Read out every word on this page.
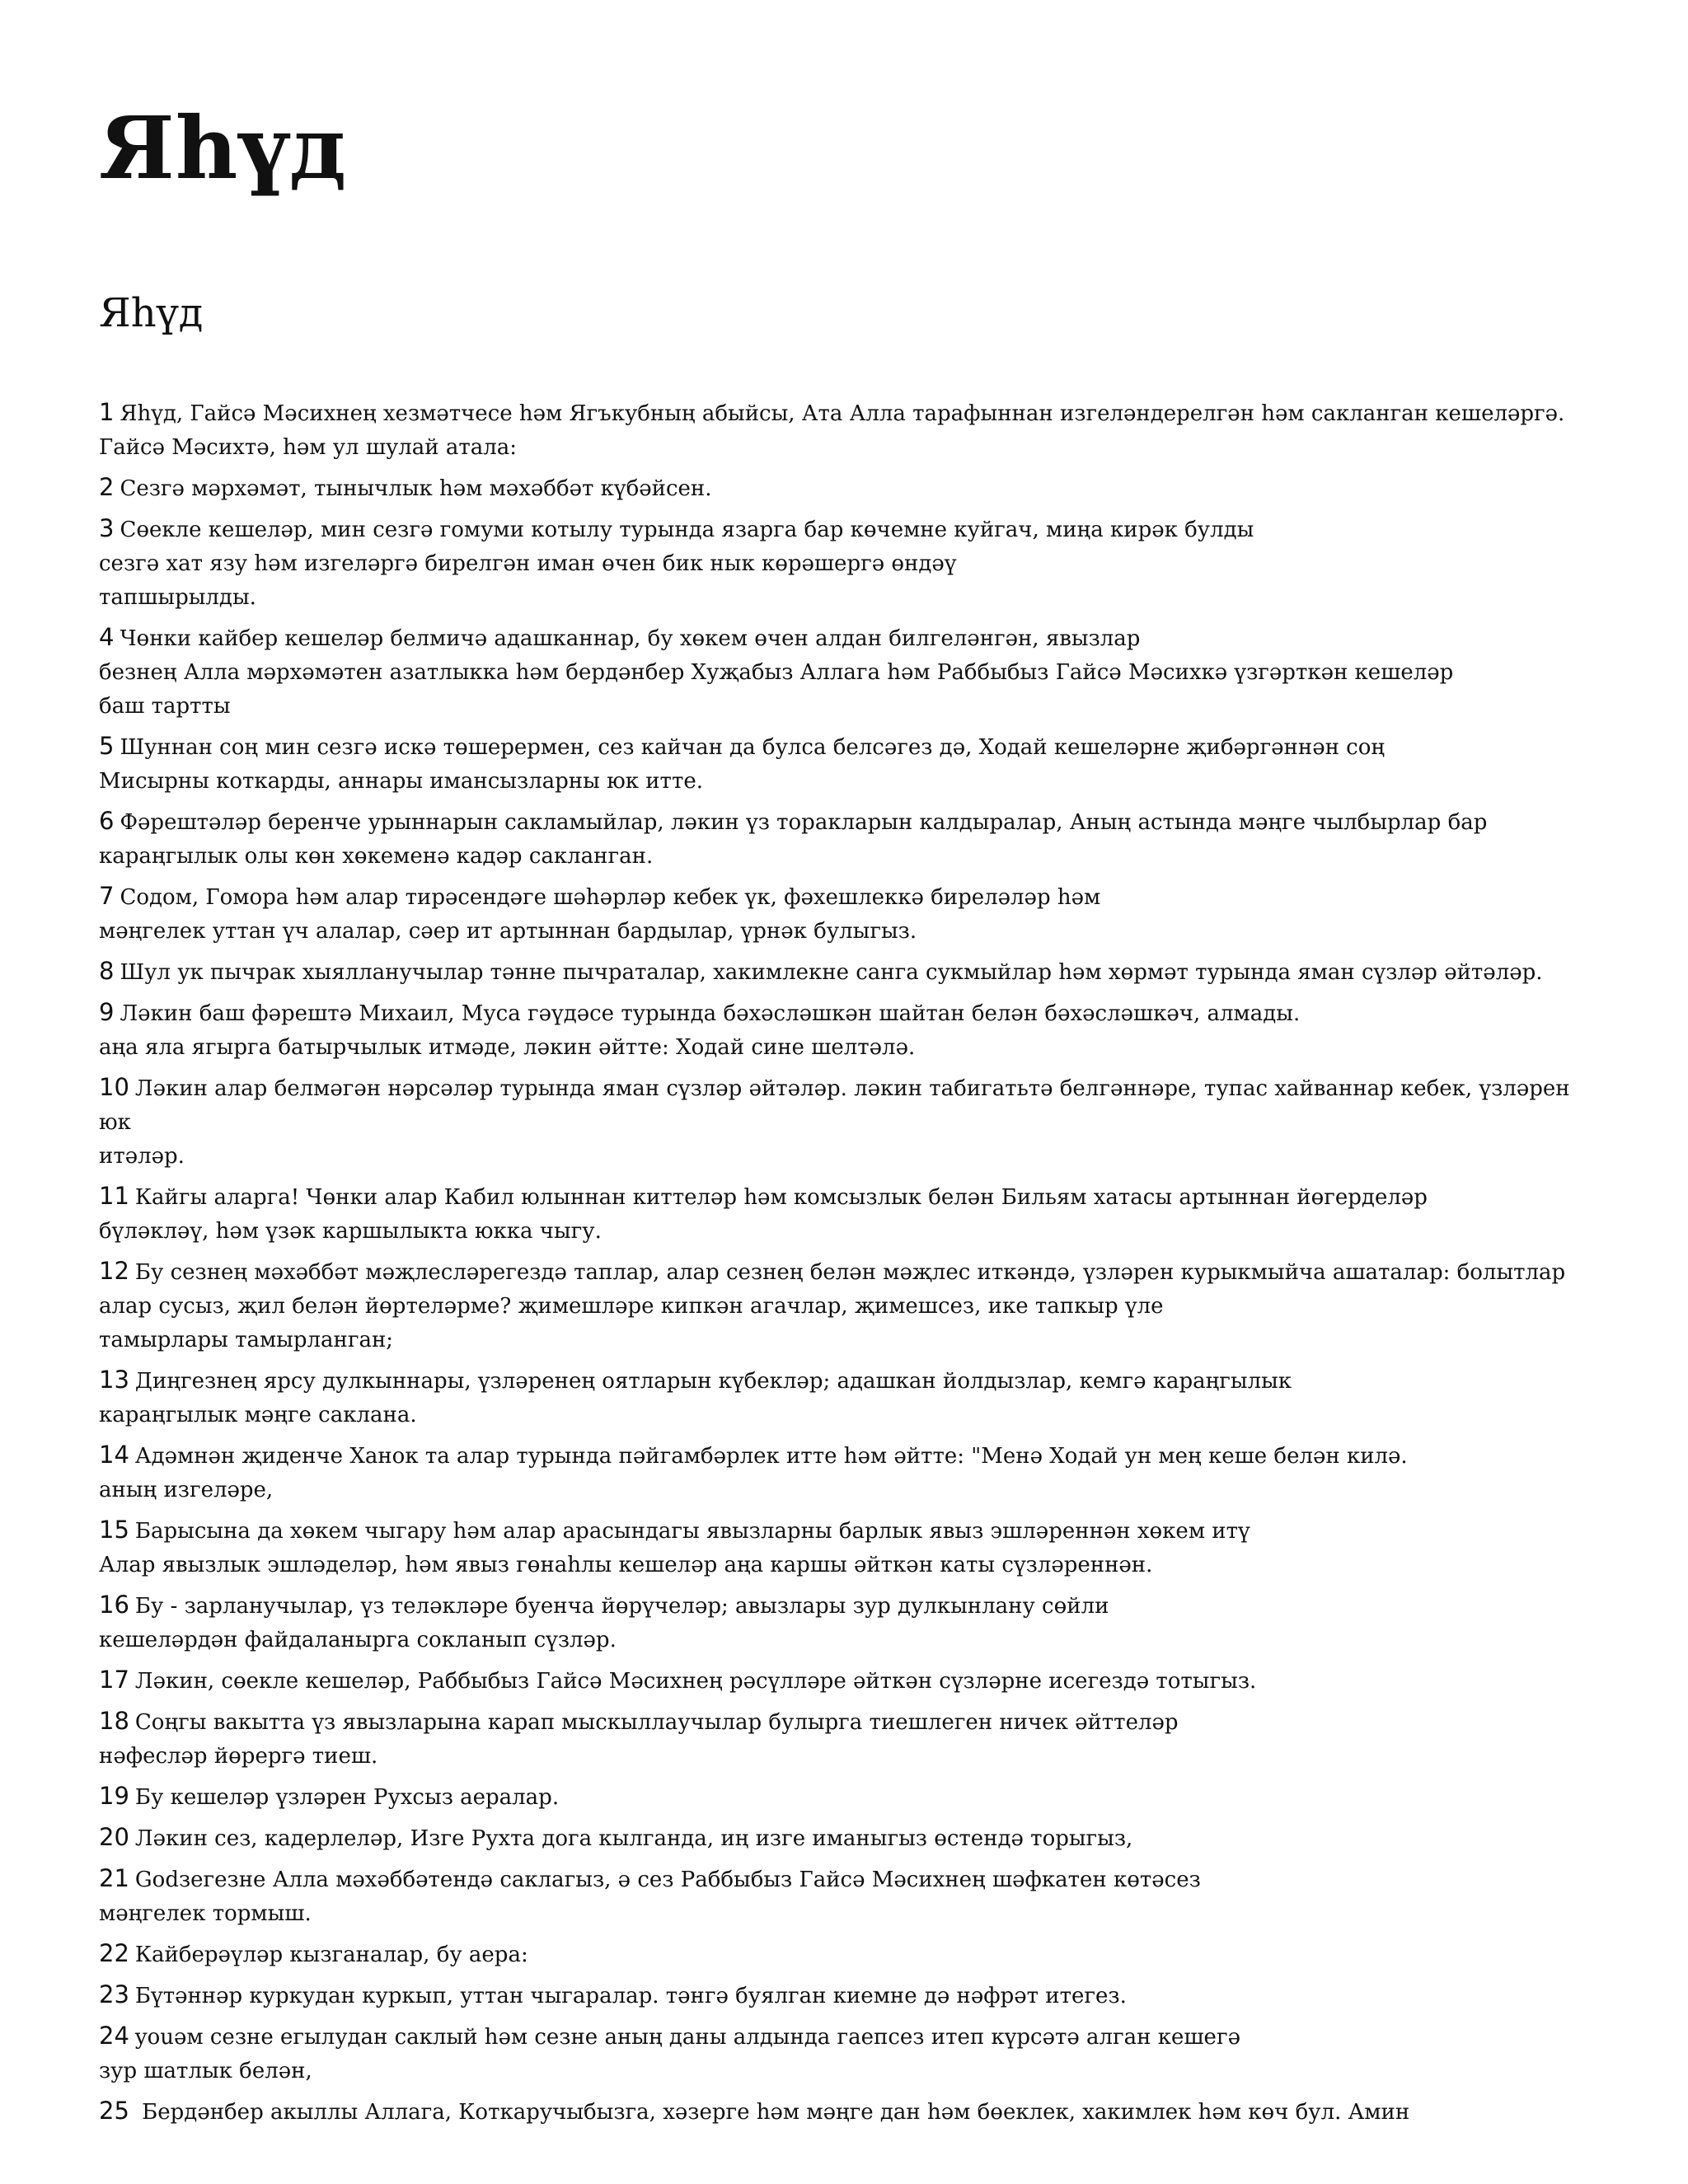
Яһүд
Яһүд

1 Яһүд, Гайсә Мәсихнең хезмәтчесе һәм Ягъкубның абыйсы, Ата Алла тарафыннан изгеләндерелгән һәм сакланган кешеләргә.
Гайсә Мәсихтә, һәм ул шулай атала:

2 Сезгә мәрхәмәт, тынычлык һәм мәхәббәт күбәйсен.

3 Сөекле кешеләр, мин сезгә гомуми котылу турында язарга бар көчемне куйгач, миңа кирәк булды
сезгә хат язу һәм изгеләргә бирелгән иман өчен бик нык көрәшергә өндәү
тапшырылды.

4 Чөнки кайбер кешеләр белмичә адашканнар, бу хөкем өчен алдан билгеләнгән, явызлар
безнең Алла мәрхәмәтен азатлыкка һәм бердәнбер Хуҗабыз Аллага һәм Раббыбыз Гайсә Мәсихкә үзгәрткән кешеләр
баш тартты

5 Шуннан соң мин сезгә искә төшерермен, сез кайчан да булса белсәгез дә, Ходай кешеләрне җибәргәннән соң
Мисырны коткарды, аннары имансызларны юк итте.

6 Фәрештәләр беренче урыннарын сакламыйлар, ләкин үз торакларын калдыралар, Аның астында мәңге чылбырлар бар
караңгылык олы көн хөкеменә кадәр сакланган.

7 Содом, Гомора һәм алар тирәсендәге шәһәрләр кебек үк, фәхешлеккә биреләләр һәм
мәңгелек уттан үч алалар, сәер ит артыннан бардылар, үрнәк булыгыз.

8 Шул ук пычрак хыялланучылар тәнне пычраталар, хакимлекне санга сукмыйлар һәм хөрмәт турында яман сүзләр әйтәләр.

9 Ләкин баш фәрештә Михаил, Муса гәүдәсе турында бәхәсләшкән шайтан белән бәхәсләшкәч, алмады.
аңа яла ягырга батырчылык итмәде, ләкин әйтте: Ходай сине шелтәлә.

10 Ләкин алар белмәгән нәрсәләр турында яман сүзләр әйтәләр. ләкин табигатьтә белгәннәре, тупас хайваннар кебек, үзләрен юк
итәләр.

11 Кайгы аларга! Чөнки алар Кабил юлыннан киттеләр һәм комсызлык белән Бильям хатасы артыннан йөгерделәр
бүләкләү, һәм үзәк каршылыкта юкка чыгу.

12 Бу сезнең мәхәббәт мәҗлесләрегездә таплар, алар сезнең белән мәҗлес иткәндә, үзләрен курыкмыйча ашаталар: болытлар
алар сусыз, җил белән йөртеләрме? җимешләре кипкән агачлар, җимешсез, ике тапкыр үле
тамырлары тамырланган;

13 Диңгезнең ярсу дулкыннары, үзләренең оятларын күбекләр; адашкан йолдызлар, кемгә караңгылык
караңгылык мәңге саклана.

14 Адәмнән җиденче Ханок та алар турында пәйгамбәрлек итте һәм әйтте: "Менә Ходай ун мең кеше белән килә.
аның изгеләре,

15 Барысына да хөкем чыгару һәм алар арасындагы явызларны барлык явыз эшләреннән хөкем итү
Алар явызлык эшләделәр, һәм явыз гөнаһлы кешеләр аңа каршы әйткән каты сүзләреннән.

16 Бу - зарланучылар, үз теләкләре буенча йөрүчеләр; авызлары зур дулкынлану сөйли
кешеләрдән файдаланырга сокланып сүзләр.

17 Ләкин, сөекле кешеләр, Раббыбыз Гайсә Мәсихнең рәсүлләре әйткән сүзләрне исегездә тотыгыз.

18 Соңгы вакытта үз явызларына карап мыскыллаучылар булырга тиешлеген ничек әйттеләр
нәфесләр йөрергә тиеш.

19 Бу кешеләр үзләрен Рухсыз аералар.

20 Ләкин сез, кадерлеләр, Изге Рухта дога кылганда, иң изге иманыгыз өстендә торыгыз,

21 Godзегезне Алла мәхәббәтендә саклагыз, ә сез Раббыбыз Гайсә Мәсихнең шәфкатен көтәсез
мәңгелек тормыш.

22 Кайберәүләр кызганалар, бу аера:

23 Бүтәннәр куркудан куркып, уттан чыгаралар. тәнгә буялган киемне дә нәфрәт итегез.

24 youәм сезне егылудан саклый һәм сезне аның даны алдында гаепсез итеп күрсәтә алган кешегә
зур шатлык белән,

25 Бердәнбер акыллы Аллага, Коткаручыбызга, хәзерге һәм мәңге дан һәм бөеклек, хакимлек һәм көч бул. Амин
